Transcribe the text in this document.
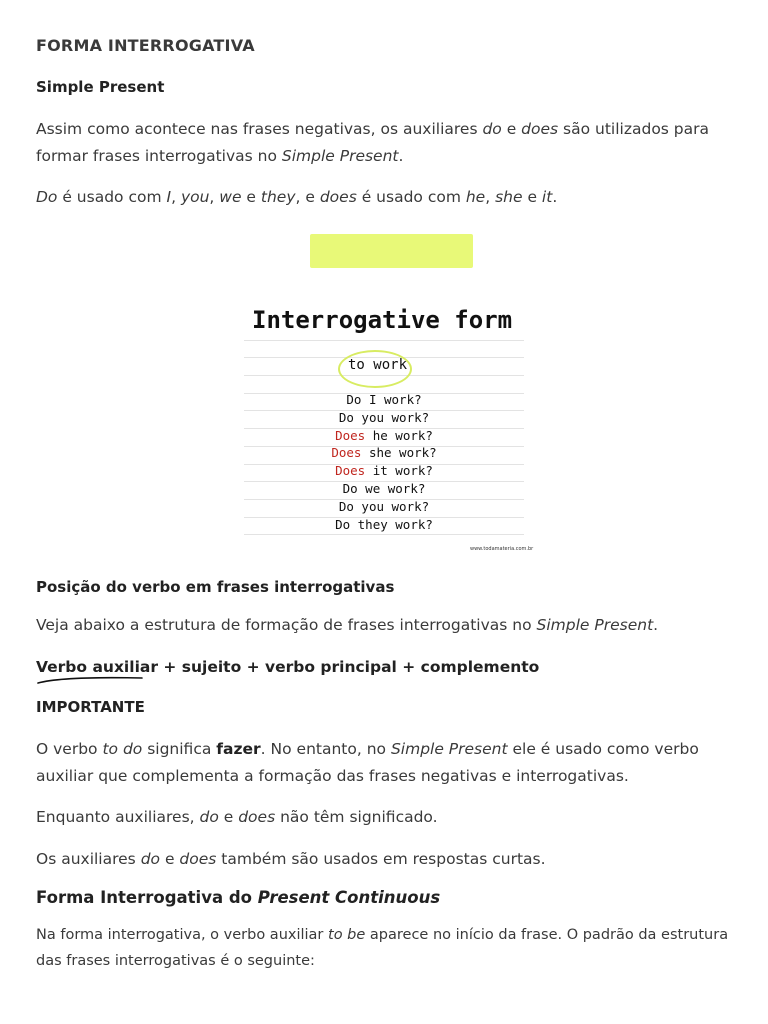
FORMA INTERROGATIVA
Simple Present
Assim como acontece nas frases negativas, os auxiliares do e does são utilizados para
formar frases interrogativas no Simple Present.
Do é usado com I, you, we e they, e does é usado com he, she e it.
Interrogative form
to work
Do I work?
Do you work?
Does he work?
Does she work?
Does it work?
Do we work?
Do you work?
Do they work?
www.todamateria.com.br
Posição do verbo em frases interrogativas
Veja abaixo a estrutura de formação de frases interrogativas no Simple Present.
Verbo auxiliar + sujeito + verbo principal + complemento
IMPORTANTE
O verbo to do significa fazer. No entanto, no Simple Present ele é usado como verbo
auxiliar que complementa a formação das frases negativas e interrogativas.
Enquanto auxiliares, do e does não têm significado.
Os auxiliares do e does também são usados em respostas curtas.
Forma Interrogativa do Present Continuous
Na forma interrogativa, o verbo auxiliar to be aparece no início da frase. O padrão da estrutura
das frases interrogativas é o seguinte:
